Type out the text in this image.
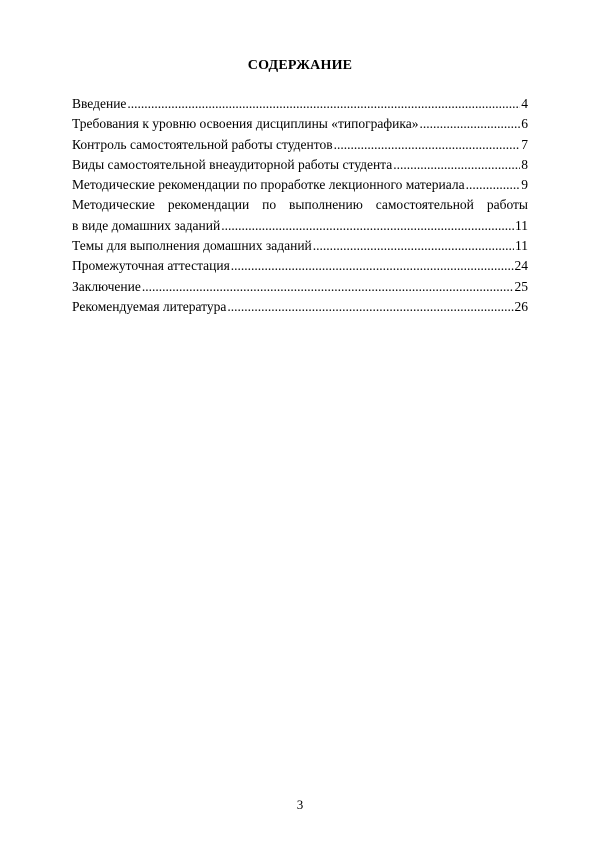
СОДЕРЖАНИЕ
Введение .....	4
Требования к уровню освоения дисциплины «типографика» .....	6
Контроль самостоятельной работы студентов .....	7
Виды самостоятельной внеаудиторной работы студента .....	8
Методические рекомендации по проработке лекционного материала .....	9
Методические рекомендации по выполнению самостоятельной работы
в виде домашних заданий .....	11
Темы для выполнения домашних заданий .....	11
Промежуточная аттестация .....	24
Заключение .....	25
Рекомендуемая литература .....	26
3
